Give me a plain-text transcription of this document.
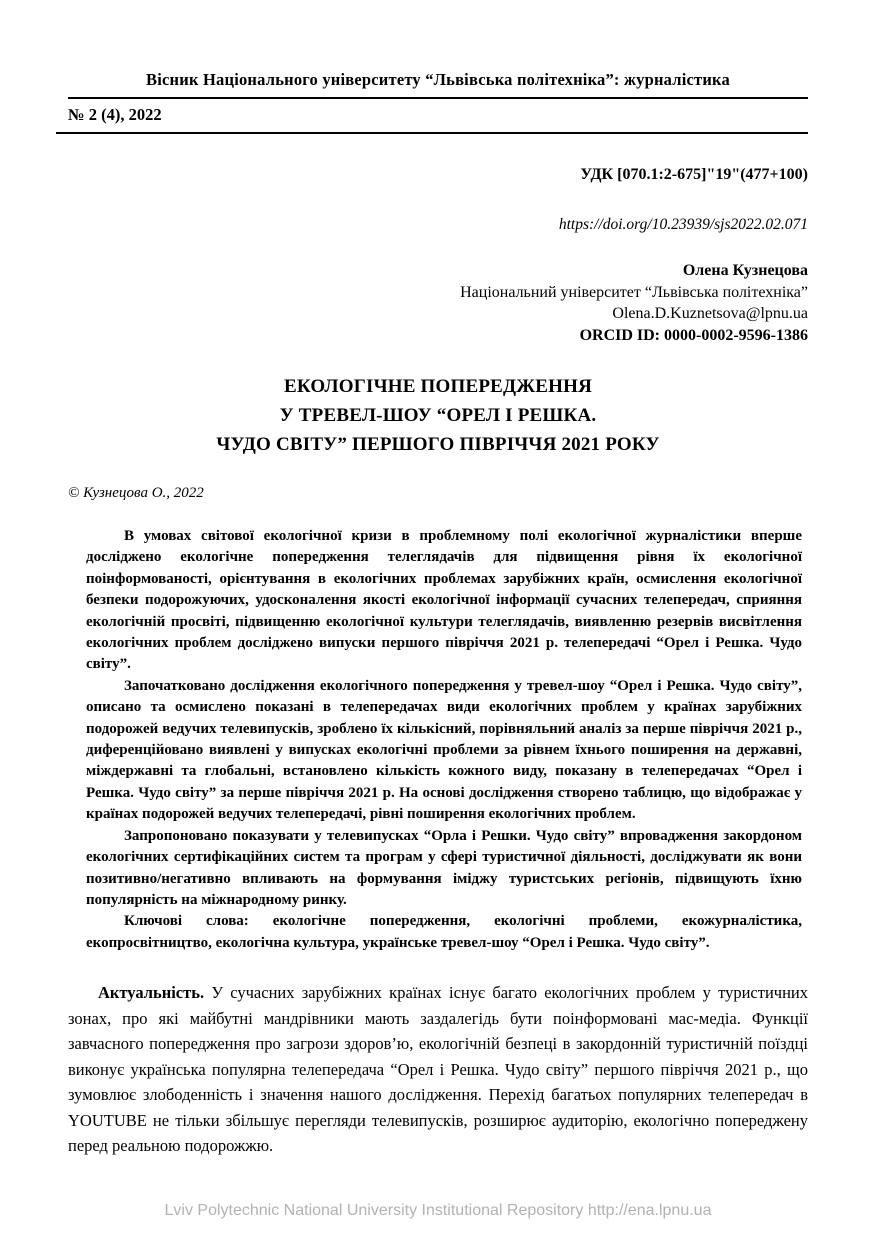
Вісник Національного університету “Львівська політехніка”: журналістика
№ 2 (4), 2022
УДК [070.1:2-675]"19"(477+100)
https://doi.org/10.23939/sjs2022.02.071
Олена Кузнецова
Національний університет “Львівська політехніка”
Olena.D.Kuznetsova@lpnu.ua
ORCID ID: 0000-0002-9596-1386
ЕКОЛОГІЧНЕ ПОПЕРЕДЖЕННЯ
У ТРЕВЕЛ-ШОУ “ОРЕЛ І РЕШКА.
ЧУДО СВІТУ” ПЕРШОГО ПІВРІЧЧЯ 2021 РОКУ
© Кузнецова О., 2022

В умовах світової екологічної кризи в проблемному полі екологічної журналістики вперше досліджено екологічне попередження телеглядачів для підвищення рівня їх екологічної поінформованості, орієнтування в екологічних проблемах зарубіжних країн, осмислення екологічної безпеки подорожуючих, удосконалення якості екологічної інформації сучасних телепередач, сприяння екологічній просвіті, підвищенню екологічної культури телеглядачів, виявленню резервів висвітлення екологічних проблем досліджено випуски першого півріччя 2021 р. телепередачі “Орел і Решка. Чудо світу”.

Започатковано дослідження екологічного попередження у тревел-шоу “Орел і Решка. Чудо світу”, описано та осмислено показані в телепередачах види екологічних проблем у країнах зарубіжних подорожей ведучих телевипусків, зроблено їх кількісний, порівняльний аналіз за перше півріччя 2021 р., диференційовано виявлені у випусках екологічні проблеми за рівнем їхнього поширення на державні, міждержавні та глобальні, встановлено кількість кожного виду, показану в телепередачах “Орел і Решка. Чудо світу” за перше півріччя 2021 р. На основі дослідження створено таблицю, що відображає у країнах подорожей ведучих телепередачі, рівні поширення екологічних проблем.

Запропоновано показувати у телевипусках “Орла і Решки. Чудо світу” впровадження закордоном екологічних сертифікаційних систем та програм у сфері туристичної діяльності, досліджувати як вони позитивно/негативно впливають на формування іміджу туристських регіонів, підвищують їхню популярність на міжнародному ринку.

Ключові слова: екологічне попередження, екологічні проблеми, екожурналістика, екопросвітництво, екологічна культура, українське тревел-шоу “Орел і Решка. Чудо світу”.

Актуальність. У сучасних зарубіжних країнах існує багато екологічних проблем у туристичних зонах, про які майбутні мандрівники мають заздалегідь бути поінформовані мас-медіа. Функції завчасного попередження про загрози здоров’ю, екологічній безпеці в закордонній туристичній поїздці виконує українська популярна телепередача “Орел і Решка. Чудо світу” першого півріччя 2021 р., що зумовлює злободенність і значення нашого дослідження. Перехід багатьох популярних телепередач в YOUTUBE не тільки збільшує перегляди телевипусків, розширює аудиторію, екологічно попереджену перед реальною подорожжю.

Lviv Polytechnic National University Institutional Repository http://ena.lpnu.ua
